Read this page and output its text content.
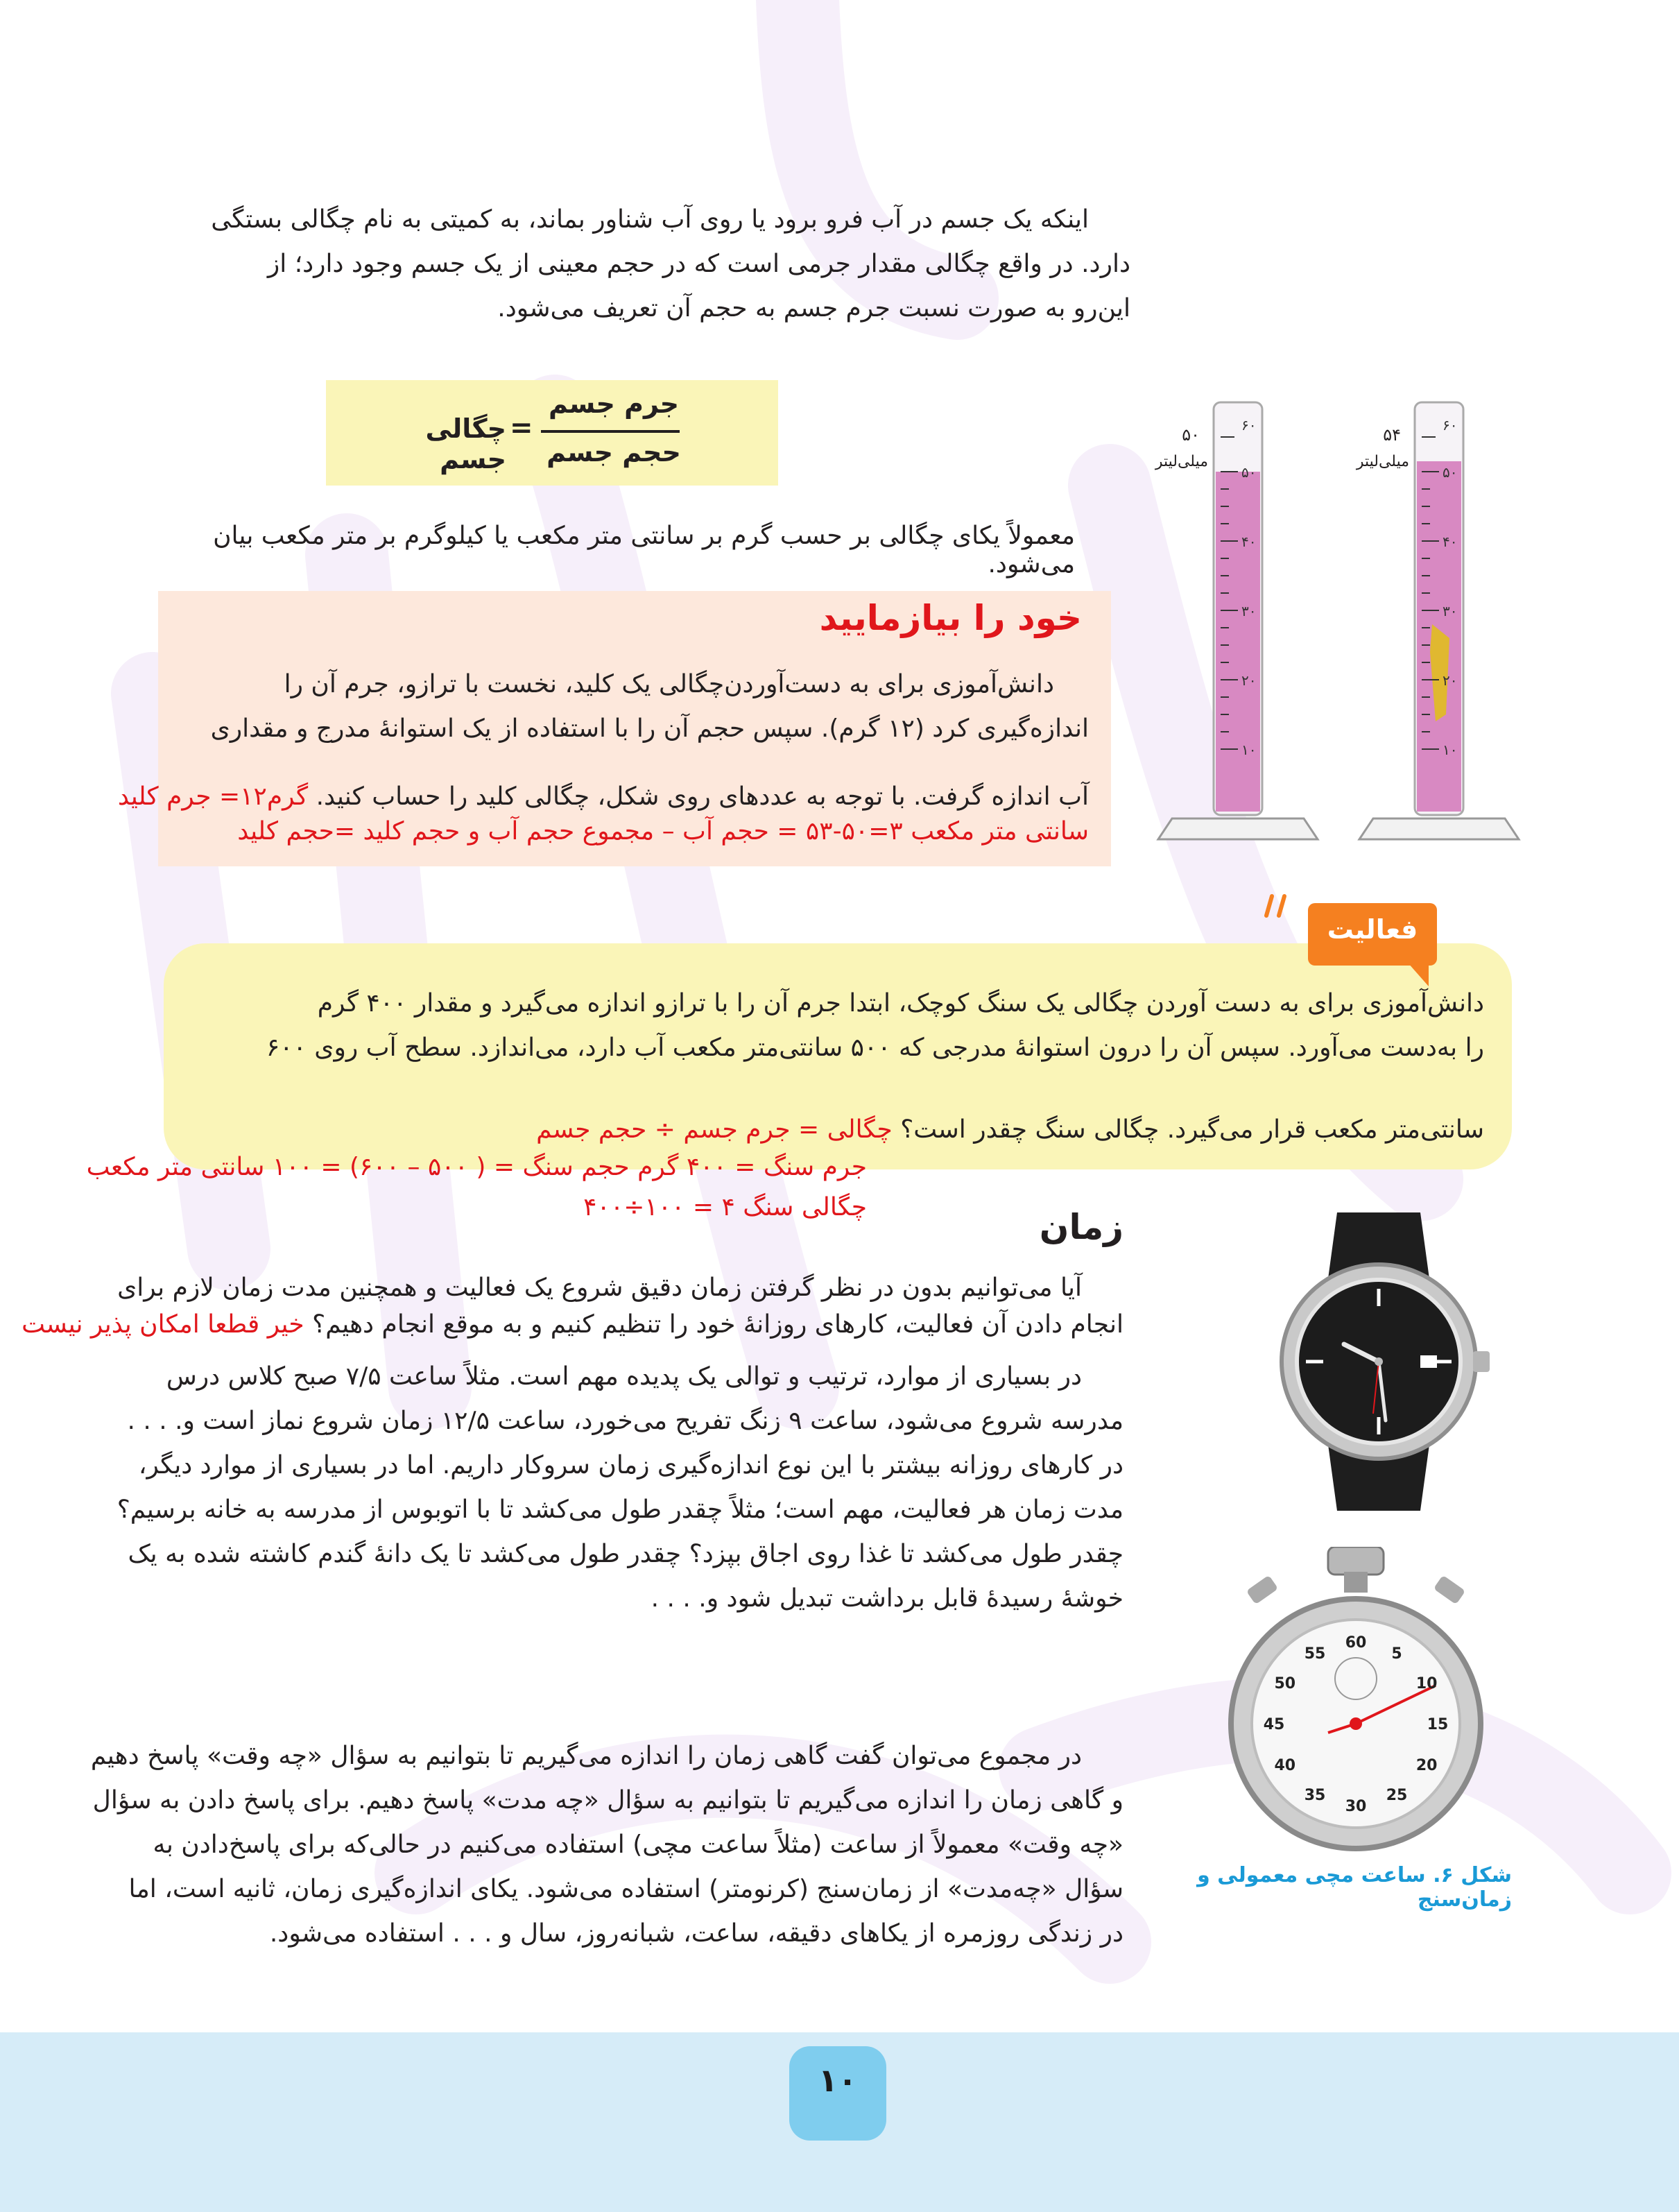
اینکه یک جسم در آب فرو برود یا روی آب شناور بماند، به کمیتی به نام چگالی بستگی
دارد. در واقع چگالی مقدار جرمی است که در حجم معینی از یک جسم وجود دارد؛ از
این‌رو به صورت نسبت جرم جسم به حجم آن تعریف می‌شود.
جرم جسم
حجم جسم
=
چگالی جسم
معمولاً یکای چگالی بر حسب گرم بر سانتی متر مکعب یا کیلوگرم بر متر مکعب بیان می‌شود.
خود را بیازمایید
دانش‌آموزی برای به دست‌آوردن‌چگالی یک کلید، نخست با ترازو، جرم آن را
اندازه‌گیری کرد (۱۲ گرم). سپس حجم آن را با استفاده از یک استوانهٔ مدرج و مقداری
آب اندازه گرفت. با توجه به عددهای روی شکل، چگالی کلید را حساب کنید. گرم۱۲= جرم کلید
سانتی متر مکعب ۳=۵۰-۵۳ = حجم آب – مجموع حجم آب و حجم کلید =حجم کلید
۶۰
۵۰
۴۰
۳۰
۲۰
۱۰
۶۰
۵۰
۴۰
۳۰
۲۰
۱۰
۵۰
میلی‌لیتر
۵۴
میلی‌لیتر
فعالیت
دانش‌آموزی برای به دست آوردن چگالی یک سنگ کوچک، ابتدا جرم آن را با ترازو اندازه می‌گیرد و مقدار ۴۰۰ گرم
را به‌دست می‌آورد. سپس آن را درون استوانهٔ مدرجی که ۵۰۰ سانتی‌متر مکعب آب دارد، می‌اندازد. سطح آب روی ۶۰۰
سانتی‌متر مکعب قرار می‌گیرد. چگالی سنگ چقدر است؟ چگالی = جرم جسم ÷ حجم جسم
جرم سنگ = ۴۰۰ گرم حجم سنگ = ( ۵۰۰ – ۶۰۰) = ۱۰۰ سانتی متر مکعب
چگالی سنگ ۴ = ۱۰۰÷۴۰۰	زمان
آیا می‌توانیم بدون در نظر گرفتن زمان دقیق شروع یک فعالیت و همچنین مدت زمان لازم برای
انجام دادن آن فعالیت، کارهای روزانهٔ خود را تنظیم کنیم و به موقع انجام دهیم؟ خیر قطعا امکان پذیر نیست
در بسیاری از موارد، ترتیب و توالی یک پدیده مهم است. مثلاً ساعت ۷/۵ صبح کلاس درس
مدرسه شروع می‌شود، ساعت ۹ زنگ تفریح می‌خورد، ساعت ۱۲/۵ زمان شروع نماز است و. . . .
در کارهای روزانه بیشتر با این نوع اندازه‌گیری زمان سروکار داریم. اما در بسیاری از موارد دیگر،
مدت زمان هر فعالیت، مهم است؛ مثلاً چقدر طول می‌کشد تا با اتوبوس از مدرسه به خانه برسیم؟
چقدر طول می‌کشد تا غذا روی اجاق بپزد؟ چقدر طول می‌کشد تا یک دانهٔ گندم کاشته شده به یک
خوشهٔ رسیدهٔ قابل برداشت تبدیل شود و. . . .
در مجموع می‌توان گفت گاهی زمان را اندازه می‌گیریم تا بتوانیم به سؤال «چه وقت» پاسخ دهیم
و گاهی زمان را اندازه می‌گیریم تا بتوانیم به سؤال «چه مدت» پاسخ دهیم. برای پاسخ دادن به سؤال
«چه وقت» معمولاً از ساعت (مثلاً ساعت مچی) استفاده می‌کنیم در حالی‌که برای پاسخ‌دادن به
سؤال «چه‌مدت» از زمان‌سنج (کرنومتر) استفاده می‌شود. یکای اندازه‌گیری زمان، ثانیه است، اما
در زندگی روزمره از یکاهای دقیقه، ساعت، شبانه‌روز، سال و . . . استفاده می‌شود.
60
5
10
15
20
25
30
35
40
45
50
55
شکل ۶. ساعت مچی معمولی و زمان‌سنج
۱۰
